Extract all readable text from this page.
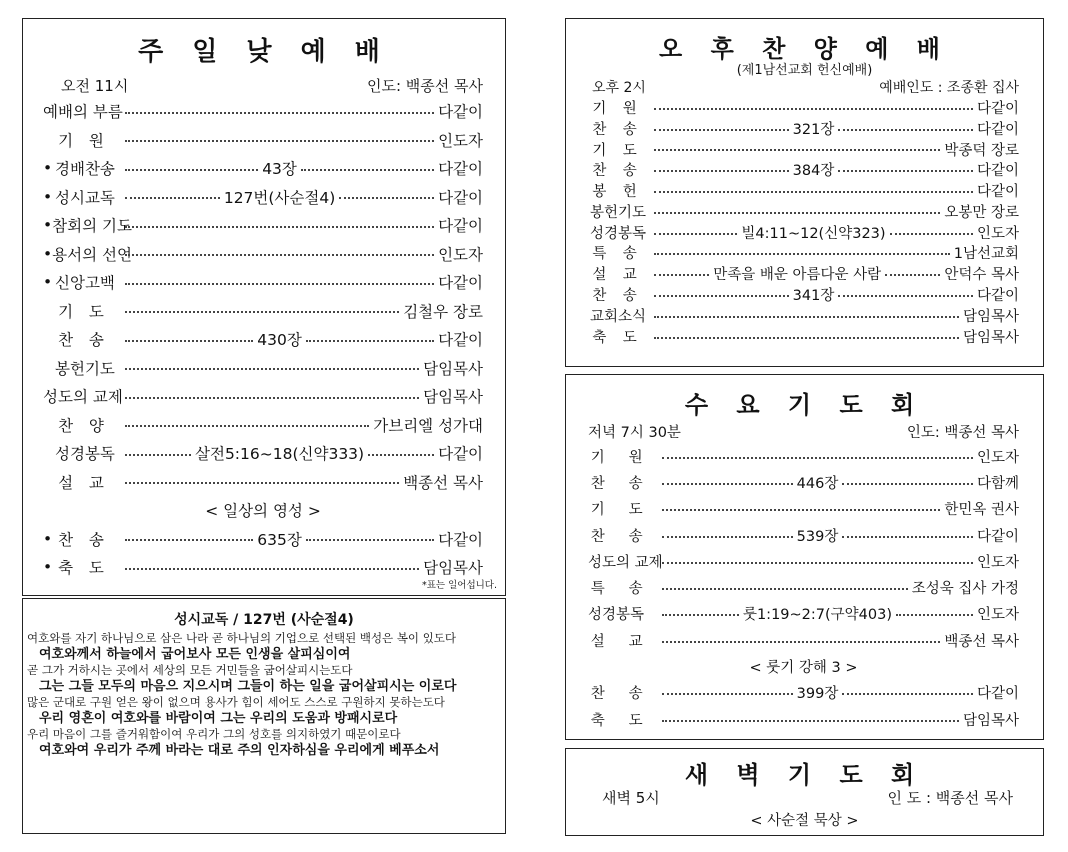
주 일 낮 예 배
오전 11시	인도: 백종선 목사
예배의 부름	다같이
기 원	인도자
• 경배찬송	43장	다같이
• 성시교독	127번(사순절4)	다같이
• 참회의 기도	다같이
• 용서의 선언	인도자
• 신앙고백	다같이
기 도	김철우 장로
찬 송	430장	다같이
봉헌기도	담임목사
성도의 교제	담임목사
찬 양	가브리엘 성가대
성경봉독	살전5:16~18(신약333)	다같이
설 교	백종선 목사
< 일상의 영성 >
• 찬 송	635장	다같이
• 축 도	담임목사
*표는 일어섭니다.
성시교독 / 127번 (사순절4)

여호와를 자기 하나님으로 삼은 나라 곧 하나님의 기업으로 선택된 백성은 복이 있도다

여호와께서 하늘에서 굽어보사 모든 인생을 살피심이여

곧 그가 거하시는 곳에서 세상의 모든 거민들을 굽어살피시는도다

그는 그들 모두의 마음으 지으시며 그들이 하는 일을 굽어살피시는 이로다

많은 군대로 구원 얻은 왕이 없으며 용사가 힘이 세어도 스스로 구원하지 못하는도다

우리 영혼이 여호와를 바람이여 그는 우리의 도움과 방패시로다

우리 마음이 그를 즐거워함이여 우리가 그의 성호를 의지하였기 때문이로다

여호와여 우리가 주께 바라는 대로 주의 인자하심을 우리에게 베푸소서

오 후 찬 양 예 배
(제1남선교회 헌신예배)
오후 2시	예배인도 : 조종환 집사
기 원	다같이
찬 송	321장	다같이
기 도	박종덕 장로
찬 송	384장	다같이
봉 헌	다같이
봉헌기도	오봉만 장로
성경봉독	빌4:11~12(신약323)	인도자
특 송	1남선교회
설 교	만족을 배운 아름다운 사람	안덕수 목사
찬 송	341장	다같이
교회소식	담임목사
축 도	담임목사
수 요 기 도 회
저녁 7시 30분	인도: 백종선 목사
기 원	인도자
찬 송	446장	다함께
기 도	한민옥 권사
찬 송	539장	다같이
성도의 교제	인도자
특 송	조성욱 집사 가정
성경봉독	룻1:19~2:7(구약403)	인도자
설 교	백종선 목사
< 룻기 강해 3 >
찬 송	399장	다같이
축 도	담임목사
새 벽 기 도 회
새벽 5시	인 도 : 백종선 목사
< 사순절 묵상 >
